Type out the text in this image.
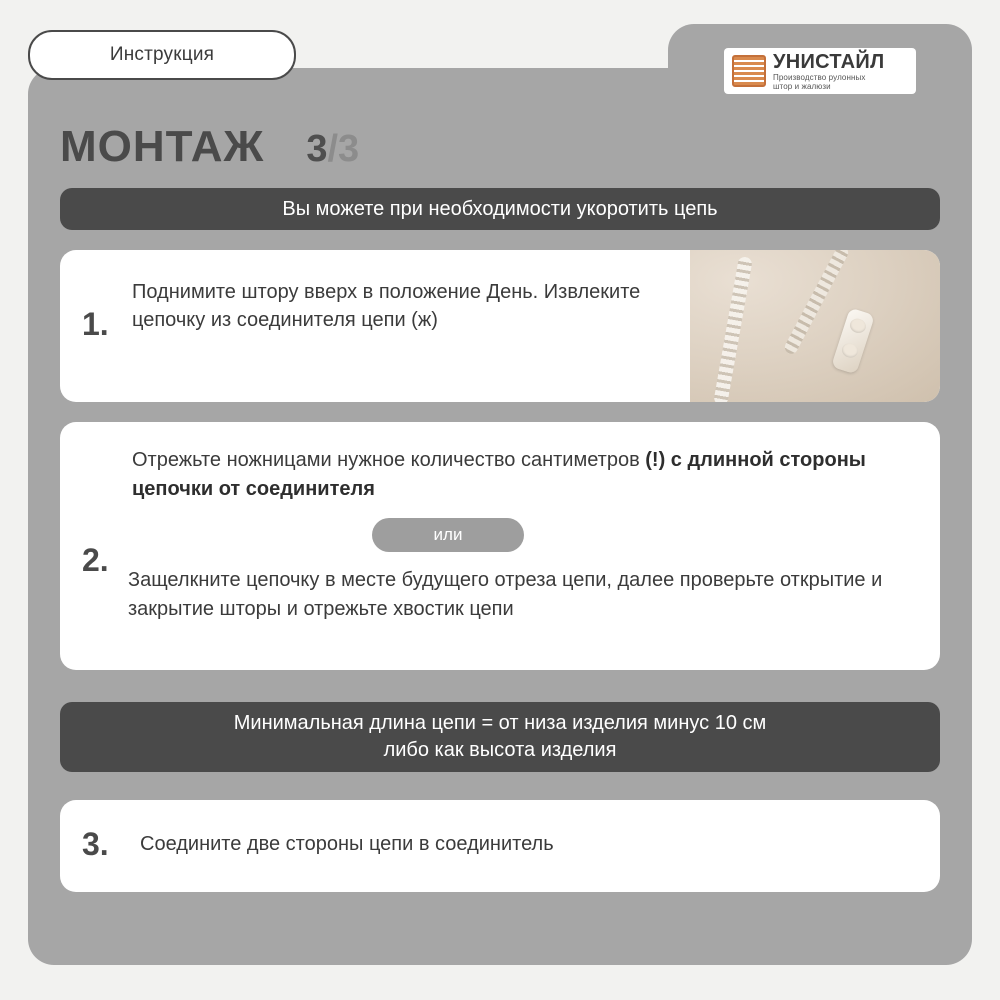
Инструкция	УНИСТАЙЛ
Производство рулонных
штор и жалюзи
МОНТАЖ 3/3
Вы можете при необходимости укоротить цепь
1.
Поднимите штору вверх в положение День. Извлеките цепочку из соединителя цепи (ж)
2.
Отрежьте ножницами нужное количество сантиметров (!) с длинной стороны цепочки от соединителя
или
Защелкните цепочку в месте будущего отреза цепи, далее проверьте открытие и закрытие шторы и отрежьте хвостик цепи
Минимальная длина цепи = от низа изделия минус 10 см
либо как высота изделия
3. Соедините две стороны цепи в соединитель
